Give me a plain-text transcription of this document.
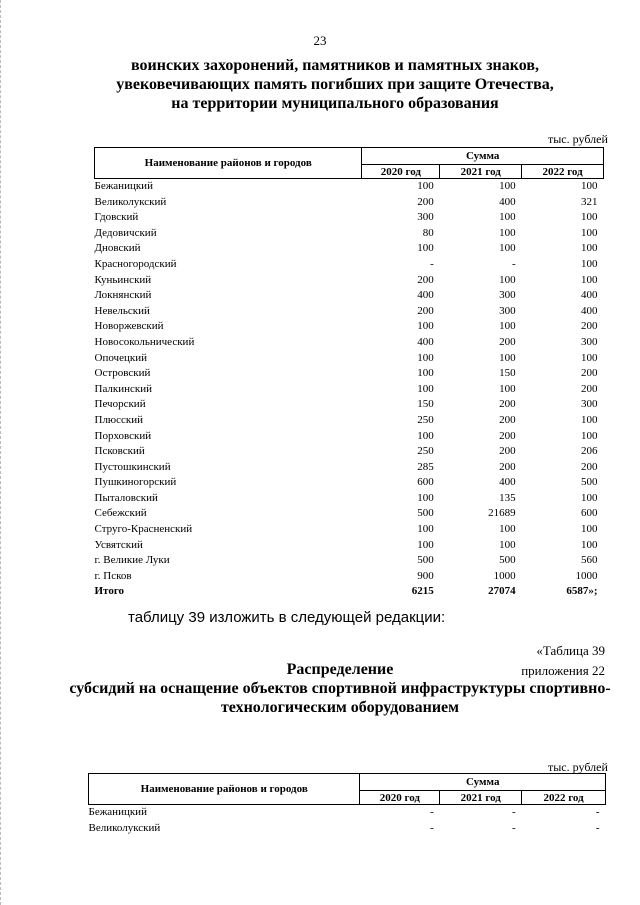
23
воинских захоронений, памятников и памятных знаков,
увековечивающих память погибших при защите Отечества,
на территории муниципального образования
тыс. рублей
Наименование районов и городов	Сумма		
	2020 год	2021 год	2022 год
Бежаницкий	100	100	100
Великолукский	200	400	321
Гдовский	300	100	100
Дедовичский	80	100	100
Дновский	100	100	100
Красногородский	-	-	100
Куньинский	200	100	100
Локнянский	400	300	400
Невельский	200	300	400
Новоржевский	100	100	200
Новосокольнический	400	200	300
Опочецкий	100	100	100
Островский	100	150	200
Палкинский	100	100	200
Печорский	150	200	300
Плюсский	250	200	100
Порховский	100	200	100
Псковский	250	200	206
Пустошкинский	285	200	200
Пушкиногорский	600	400	500
Пыталовский	100	135	100
Себежский	500	21689	600
Струго-Красненский	100	100	100
Усвятский	100	100	100
г. Великие Луки	500	500	560
г. Псков	900	1000	1000
Итого	6215	27074	6587»;
таблицу 39 изложить в следующей редакции:
«Таблица 39
приложения 22
Распределение
субсидий на оснащение объектов спортивной инфраструктуры спортивно-
технологическим оборудованием
тыс. рублей
Наименование районов и городов	Сумма		
	2020 год	2021 год	2022 год
Бежаницкий	-	-	-
Великолукский	-	-	-
